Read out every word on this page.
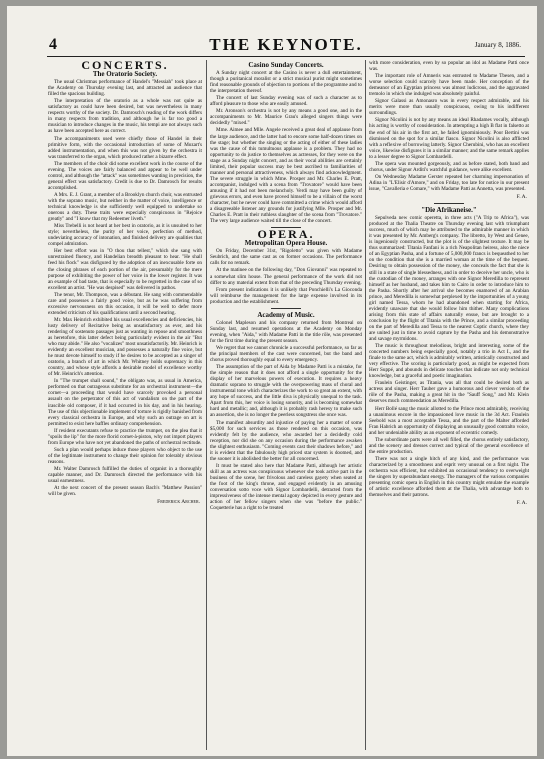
4	THE KEYNOTE.	January 8, 1886.
CONCERTS.
The Oratorio Society.

The usual Christmas performance of Handel's "Messiah" took place at the Academy on Thursday evening last, and attracted an audience that filled the spacious building.

The interpretation of the oratorio as a whole was not quite as satisfactory as could have been desired, but was nevertheless in many respects worthy of the society. Dr. Damrosch's reading of the work differs in many respects from tradition, and although he is far too good a musician to introduce changes in the music, his tempi are not always such as have been accepted here as correct.

The accompaniments used were chiefly those of Handel in their primitive form, with the occasional introduction of some of Mozart's added instrumentation, and when this was not given by the orchestra it was transferred to the organ, which produced rather a bizarre effect.

The members of the choir did some excellent work in the course of the evening. The voices are fairly balanced and appear to be well under control, and although the "attack" was sometimes wanting in precision, the general effect was satisfactory. Credit is due to Dr. Damrosch for results accomplished.

A Mrs. E. J. Grant, a member of a Brooklyn church choir, was entrusted with the soprano music, but neither in the matter of voice, intelligence or technical knowledge is she sufficiently well equipped to undertake so onerous a duty. These traits were especially conspicuous in "Rejoice greatly" and "I know that my Redeemer liveth."

Miss Trebelli is not heard at her best in oratorio, as it is unsuited to her style; nevertheless, the purity of her voice, perfection of method, undeviating accuracy of intonation, and finished delivery are qualities that compel admiration.

Her best effort was in "O thou that tellest," which she sang with unrestrained fluency, and Handelian breadth pleasant to hear. "He shall feed his flock" was disfigured by the adoption of an inexcusable forte on the closing phrases of each portion of the air, presumably for the mere purpose of exhibiting the power of her voice in the lower register. It was an example of bad taste, that is especially to be regretted in the case of so excellent an artist. "He was despised" was delivered in pathos.

The tenor, Mr. Thompson, was a débutant. He sang with commendable care and possesses a fairly good voice, but as he was suffering from excessive nervousness on this occasion, it will be well to defer more extended criticism of his qualifications until a second hearing.

Mr. Max Heinrich exhibited his usual excellencies and deficiencies, his lusty delivery of Recitative being as unsatisfactory as ever, and his rendering of sostenuto passages just as wanting in repose and smoothness as heretofore, this latter defect being particularly evident in the air "But who may abide." He also "vocalizes" most unsatisfactorily. Mr. Heinrich is evidently an excellent musician, and possesses a naturally fine voice, but he must devote himself to study if he desires to be accepted as a singer of oratorio, a branch of art in which Mr. Whitney holds supremacy in this country, and whose style affords a desirable model of excellence worthy of Mr. Heinrich's attention.

In "The trumpet shall sound," the obligato was, as usual in America, performed on that outrageous substitute for an orchestral instrument—the cornet—a proceeding that would have scarcely provoked a personal assault on the perpetrator of this act of vandalism on the part of the irascible old composer, if it had occurred in his day, and in his hearing. The use of this objectionable implement of torture is rigidly banished from every classical orchestra in Europe, and why such an outrage on art is permitted to exist here baffles ordinary comprehension.

If resident executants refuse to practice the trumpet, on the plea that it "spoils the lip" for the more florid cornet-à-piston, why not import players from Europe who have not yet abandoned the paths of orchestral rectitude.

Such a plan would perhaps induce those players who object to the use of the legitimate instrument to change their opinion for tolerably obvious reasons.

Mr. Walter Damrosch fulfilled the duties of organist in a thoroughly capable manner, and Dr. Damrosch directed the performance with his usual earnestness.

At the next concert of the present season Bach's "Matthew Passion" will be given.

Frederick Archer.
Casino Sunday Concerts.

A Sunday night concert at the Casino is never a dull entertainment, though a puritanical moralist or a strict musical purist might sometimes find reasonable grounds of objection to portions of the programme and to the interpretation thereof.

The concert of last Sunday evening was of such a character as to afford pleasure to those who are easily amused.

Mr. Aronson's orchestra is not by any means a good one, and in the accompaniments to Mr. Maurice Grau's alleged singers things were decidedly "mixed."

Mme. Aimee and Mlle. Angele received a great deal of applause from the large audience, and the latter had to encore some half-dozen times on the stage; but whether the singing or the acting of either of these ladies was the cause of this tumultuous applause is a problem. They had no opportunity to do justice to themselves as actresses, for they were on the stage as a Sunday night concert, and as their vocal abilities are certainly limited, their popular success may be best ascribed to familiarities of manner and personal attractiveness, which always find acknowledgment. The severe struggle in which Mme. Prosper and Mr. Charles E. Pratt, accompanist, indulged with a scena from "Trovatore" would have been amusing if it had not been melancholy. Verdi may have been guilty of grievous errors, and even have proved himself to be a villain of the worst character, but he never could have committed a crime which would afford a disagreeable listener any grounds for justifying Mlle. Prosper and Mr. Charles E. Pratt in their ruthless slaughter of the scena from "Trovatore." The very large audience waited till the close of the concert.

OPERA.
Metropolitan Opera House.

On Friday, December 31st, "Rigoletto" was given with Madame Seubrich, and the same cast as on former occasions. The performance calls for no remark.

At the matinee on the following day, "Don Giovanni" was repeated to a somewhat slim house. The general performance of the work did not differ to any material extent from that of the preceding Thursday evening.

From present indications it is unlikely that Ponchielli's La Gioconda will reimburse the management for the large expense involved in its production and the establishment.

Academy of Music.

Colonel Mapleson and his company returned from Montreal on Sunday last, and resumed operations at the Academy on Monday evening, when "Aida," with Madame Patti in the title rôle, was presented for the first time during the present season.

We regret that we cannot chronicle a successful performance, so far as the principal members of the cast were concerned, but the band and chorus proved thoroughly equal to every emergency.

The assumption of the part of Aida by Madame Patti is a mistake, for the simple reason that it does not afford a single opportunity for the display of her marvelous powers of execution. It requires a heavy dramatic soprano to struggle with the overpowering mass of choral and instrumental tone which characterizes the work to so great an extent, with any hope of success, and the little diva is physically unequal to the task. Apart from this, her voice is losing sonority, and is becoming somewhat hard and metallic; and, although it is probably rash heresy to make such an assertion, she is no longer the peerless songstress she once was.

The manifest absurdity and injustice of paying her a matter of some $5,000 for such services as those rendered on this occasion, was evidently felt by the audience, who awarded her a decidedly cold reception, nor did she on any occasion during the performance awaken the slightest enthusiasm. "Coming events cast their shadows before," and it is evident that the fabulously high priced star system is doomed, and the sooner it is abolished the better for all concerned.

It must be stated also here that Madame Patti, although her artistic skill as an actress was conspicuous whenever she took active part in the business of the scene, her frivolous and careless gayety when seated at the foot of the king's throne, and engaged evidently in an amusing conversation sotto voce with Signor Lombardelli, detracted from the impressiveness of the intense mental agony depicted in every gesture and action of her fellow singers when she was "before the public." Coquetterie has a right to be treated

with more consideration, even by so popular an idol as Madame Patti once was.

The important role of Amneris was entrusted to Madame Tbesen, and a worse selection could scarcely have been made. Her conception of the demeanor of an Egyptian princess was almost ludicrous, and the aggravated tremolo in which she indulged was absolutely painful.

Signor Galassi as Amonasro was in every respect admirable, and his merits were more than usually conspicuous, owing to his indifferent surroundings.

Signor Nicolini is not by any means an ideal Rhadames vocally, although his acting is worthy of consideration. In attempting a high B flat in falsetto at the end of his air in the first act, he failed ignominiously. Poor Bertini was dismissed on the spot for a similar fiasco. Signor Nicolini is also afflicted with a reflexive of borrowing latterly. Signor Cherubini, who has an excellent voice, likewise disfigures it in a similar manner; and the same remark applies to a lesser degree to Signor Lombardelli.

The opera was mounted gorgeously, and as before stated, both band and chorus, under Signor Arditi's watchful guidance, were alike excellent.

On Wednesday Madame Gerster repeated her charming impersonation of Adina in "L'Elisir d'Amore," and on Friday, too late for notice in our present issue, "Cavalleria e Comare," with Madame Patti as Annetta, was presented.

F. A.
"Die Afrikaneise."

Sepulveda new comic operetta, in three acts ("A Trip to Africa"), was produced at the Thalia Theatre on Thursday evening last with triumphant success, much of which may be attributed to the admirable manner in which it was presented by Mr. Amberg's company. The libretto, by West and Genee, is ingeniously constructed, but the plot is of the slightest texture. It may be thus summarized: Titania Fanfani is a rich Neapolitan heiress, also the niece of an Egyptian Pasha, and a fortune of 5,000,000 francs is bequeathed to her on the condition that she is a married woman at the time of the bequest. Desiring to obtain possession of the money, she conceals the fact that she is still in a state of single blessedness, and in order to deceive her uncle, who is the custodian of the money, arranges with one Signor Meredilla to represent himself as her husband, and takes him to Cairo in order to introduce him to the Pasha. Shortly after her arrival she becomes enamored of an Arabian prince, and Meredilla is somewhat perplexed by the importunities of a young girl named Tessa, whom he had abandoned when starting for Africa, evidently unaware that she would follow him thither. Many complications arising from this state of affairs naturally ensue, but are brought to a conclusion by the flight of Titania with the Prince, and a similar proceeding on the part of Meredilla and Tessa to the nearest Coptic church, where they are united just in time to avoid capture by the Pasha and his demonstrative and savage myrmidons.

The music is throughout melodious, bright and interesting, some of the concerted numbers being especially good, notably a trio in Act I., and the finale to the same act, which is admirably written, artistically constructed and very effective. The scoring is particularly good, as might be expected from Herr Suppé, and abounds in delicate touches that indicate not only technical knowledge, but a graceful and poetic imagination.

Fraulein Geistinger, as Titania, was all that could be desired both as actress and singer. Herr Tauber gave a humorous and clever version of the rôle of the Pasha, making a great hit in the "Sauff Song," and Mr. Klein deserves much commendation as Meredilla.

Herr Bollé sang the music allotted to the Prince most admirably, receiving a unanimous encore in the impassioned love music in the 3d Act. Fraulein Seebold was a most acceptable Tessa, and the part of the Malter afforded Fran Habrich an opportunity of displaying an unusually good contralto voice, and her undeniable ability as an exponent of eccentric comedy.

The subordinate parts were all well filled, the chorus entirely satisfactory, and the scenery and dresses correct and typical of the general excellence of the entire production.

There was not a single hitch of any kind, and the performance was characterized by a smoothness and esprit very unusual on a first night. The orchestra was efficient, but exhibited an occasional tendency to overweight the singers by superabundant energy. The managers of the various companies presenting comic opera in English in this country might emulate the example of artistic excellence afforded them at the Thalia, with advantage both to themselves and their patrons.

F. A.
